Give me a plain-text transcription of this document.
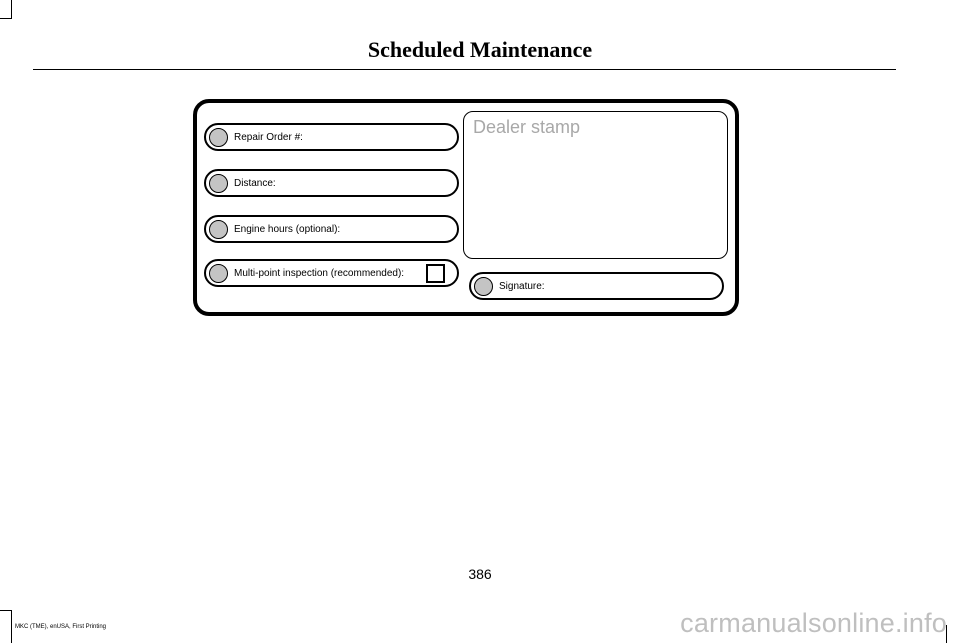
Scheduled Maintenance
Repair Order #:
Distance:
Engine hours (optional):
Multi-point inspection (recommended):
Dealer stamp
Signature:
386
MKC (TME), enUSA, First Printing	carmanualsonline.info
